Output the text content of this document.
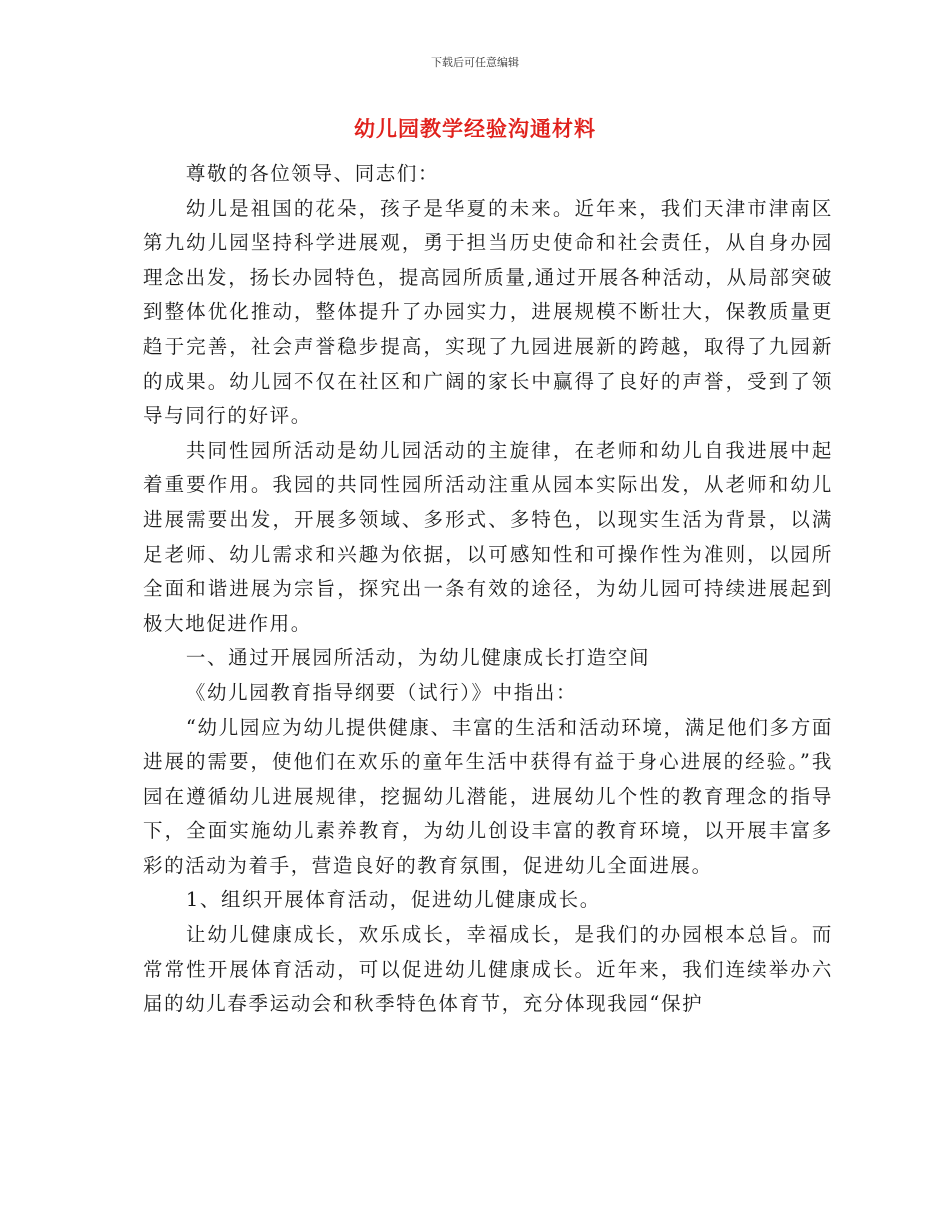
下载后可任意编辑
幼儿园教学经验沟通材料

尊敬的各位领导、同志们：

幼儿是祖国的花朵，孩子是华夏的未来。近年来，我们天津市津南区第九幼儿园坚持科学进展观，勇于担当历史使命和社会责任，从自身办园理念出发，扬长办园特色，提高园所质量,通过开展各种活动，从局部突破到整体优化推动，整体提升了办园实力，进展规模不断壮大，保教质量更趋于完善，社会声誉稳步提高，实现了九园进展新的跨越，取得了九园新的成果。幼儿园不仅在社区和广阔的家长中赢得了良好的声誉，受到了领导与同行的好评。

共同性园所活动是幼儿园活动的主旋律，在老师和幼儿自我进展中起着重要作用。我园的共同性园所活动注重从园本实际出发，从老师和幼儿进展需要出发，开展多领域、多形式、多特色，以现实生活为背景，以满足老师、幼儿需求和兴趣为依据，以可感知性和可操作性为准则，以园所全面和谐进展为宗旨，探究出一条有效的途径，为幼儿园可持续进展起到极大地促进作用。

一、通过开展园所活动，为幼儿健康成长打造空间

《幼儿园教育指导纲要（试行）》中指出：

“幼儿园应为幼儿提供健康、丰富的生活和活动环境，满足他们多方面进展的需要，使他们在欢乐的童年生活中获得有益于身心进展的经验。”我园在遵循幼儿进展规律，挖掘幼儿潜能，进展幼儿个性的教育理念的指导下，全面实施幼儿素养教育，为幼儿创设丰富的教育环境，以开展丰富多彩的活动为着手，营造良好的教育氛围，促进幼儿全面进展。

1、组织开展体育活动，促进幼儿健康成长。

让幼儿健康成长，欢乐成长，幸福成长，是我们的办园根本总旨。而常常性开展体育活动，可以促进幼儿健康成长。近年来，我们连续举办六届的幼儿春季运动会和秋季特色体育节，充分体现我园“保护
